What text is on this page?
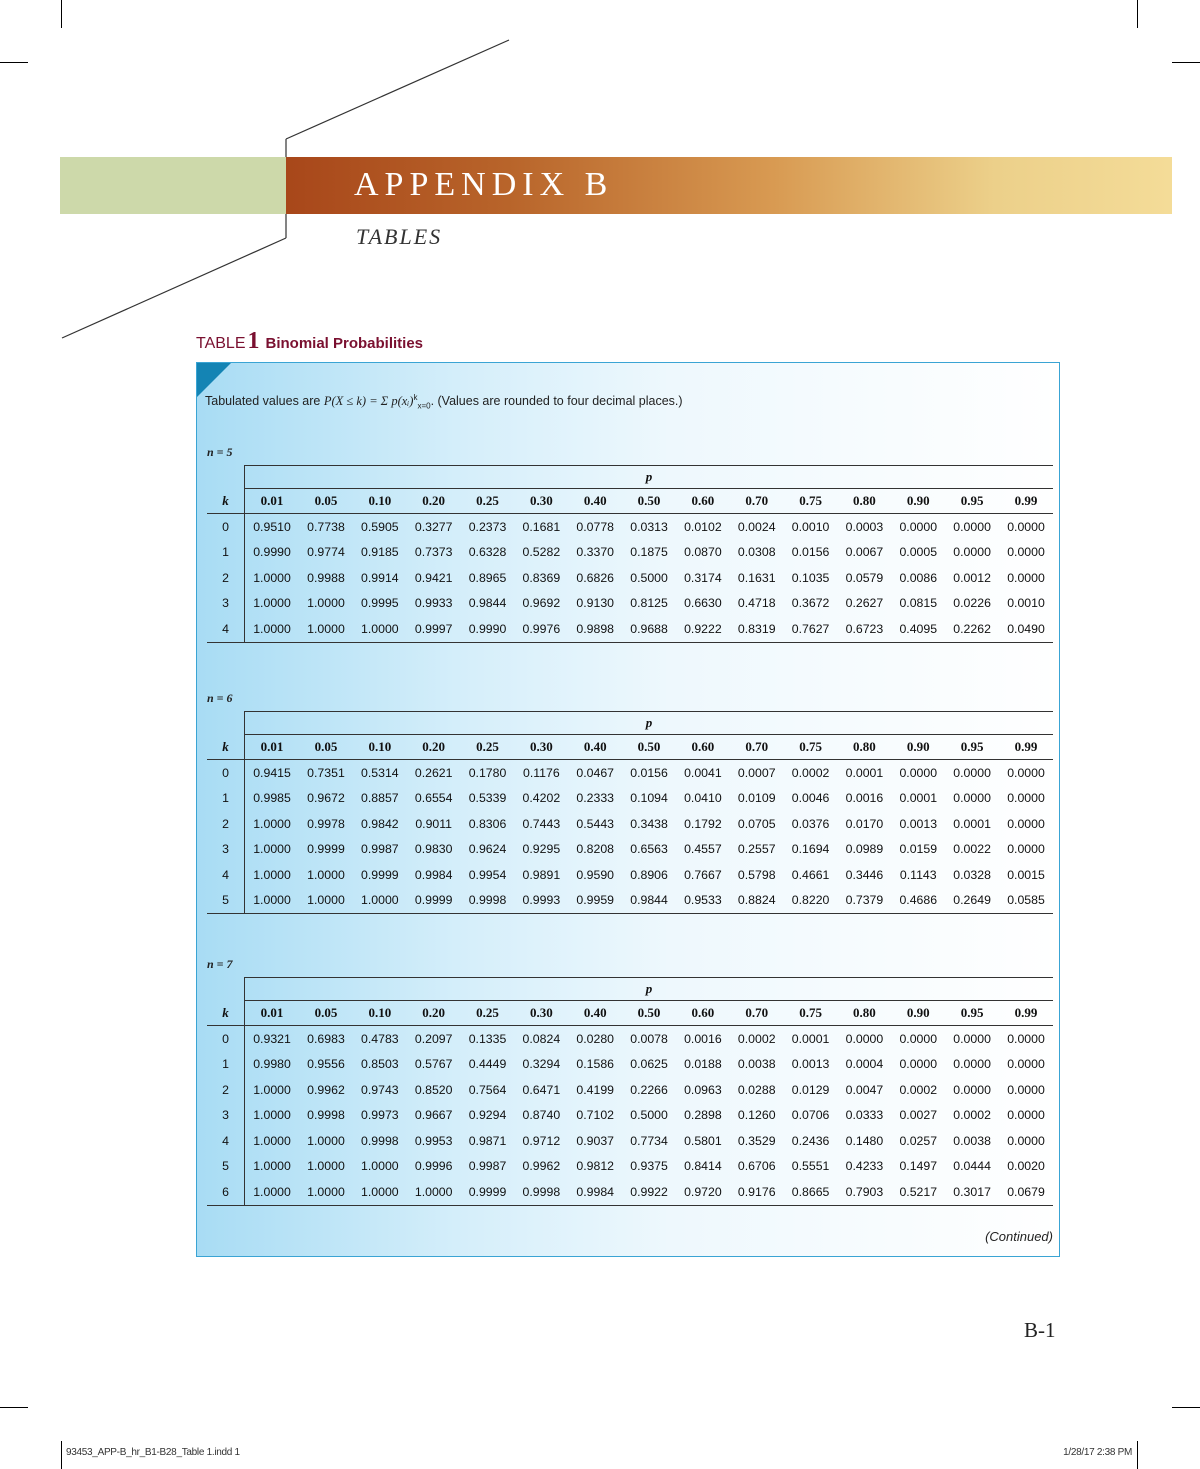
APPENDIX B
TABLES
TABLE1 Binomial Probabilities
Tabulated values are P(X ≤ k) = Σ p(xᵢ)$^k_{x=0}$. (Values are rounded to four decimal places.)
n = 5
	p														
k	0.01	0.05	0.10	0.20	0.25	0.30	0.40	0.50	0.60	0.70	0.75	0.80	0.90	0.95	0.99
0	0.9510	0.7738	0.5905	0.3277	0.2373	0.1681	0.0778	0.0313	0.0102	0.0024	0.0010	0.0003	0.0000	0.0000	0.0000
1	0.9990	0.9774	0.9185	0.7373	0.6328	0.5282	0.3370	0.1875	0.0870	0.0308	0.0156	0.0067	0.0005	0.0000	0.0000
2	1.0000	0.9988	0.9914	0.9421	0.8965	0.8369	0.6826	0.5000	0.3174	0.1631	0.1035	0.0579	0.0086	0.0012	0.0000
3	1.0000	1.0000	0.9995	0.9933	0.9844	0.9692	0.9130	0.8125	0.6630	0.4718	0.3672	0.2627	0.0815	0.0226	0.0010
4	1.0000	1.0000	1.0000	0.9997	0.9990	0.9976	0.9898	0.9688	0.9222	0.8319	0.7627	0.6723	0.4095	0.2262	0.0490
n = 6
	p														
k	0.01	0.05	0.10	0.20	0.25	0.30	0.40	0.50	0.60	0.70	0.75	0.80	0.90	0.95	0.99
0	0.9415	0.7351	0.5314	0.2621	0.1780	0.1176	0.0467	0.0156	0.0041	0.0007	0.0002	0.0001	0.0000	0.0000	0.0000
1	0.9985	0.9672	0.8857	0.6554	0.5339	0.4202	0.2333	0.1094	0.0410	0.0109	0.0046	0.0016	0.0001	0.0000	0.0000
2	1.0000	0.9978	0.9842	0.9011	0.8306	0.7443	0.5443	0.3438	0.1792	0.0705	0.0376	0.0170	0.0013	0.0001	0.0000
3	1.0000	0.9999	0.9987	0.9830	0.9624	0.9295	0.8208	0.6563	0.4557	0.2557	0.1694	0.0989	0.0159	0.0022	0.0000
4	1.0000	1.0000	0.9999	0.9984	0.9954	0.9891	0.9590	0.8906	0.7667	0.5798	0.4661	0.3446	0.1143	0.0328	0.0015
5	1.0000	1.0000	1.0000	0.9999	0.9998	0.9993	0.9959	0.9844	0.9533	0.8824	0.8220	0.7379	0.4686	0.2649	0.0585
n = 7
	p														
k	0.01	0.05	0.10	0.20	0.25	0.30	0.40	0.50	0.60	0.70	0.75	0.80	0.90	0.95	0.99
0	0.9321	0.6983	0.4783	0.2097	0.1335	0.0824	0.0280	0.0078	0.0016	0.0002	0.0001	0.0000	0.0000	0.0000	0.0000
1	0.9980	0.9556	0.8503	0.5767	0.4449	0.3294	0.1586	0.0625	0.0188	0.0038	0.0013	0.0004	0.0000	0.0000	0.0000
2	1.0000	0.9962	0.9743	0.8520	0.7564	0.6471	0.4199	0.2266	0.0963	0.0288	0.0129	0.0047	0.0002	0.0000	0.0000
3	1.0000	0.9998	0.9973	0.9667	0.9294	0.8740	0.7102	0.5000	0.2898	0.1260	0.0706	0.0333	0.0027	0.0002	0.0000
4	1.0000	1.0000	0.9998	0.9953	0.9871	0.9712	0.9037	0.7734	0.5801	0.3529	0.2436	0.1480	0.0257	0.0038	0.0000
5	1.0000	1.0000	1.0000	0.9996	0.9987	0.9962	0.9812	0.9375	0.8414	0.6706	0.5551	0.4233	0.1497	0.0444	0.0020
6	1.0000	1.0000	1.0000	1.0000	0.9999	0.9998	0.9984	0.9922	0.9720	0.9176	0.8665	0.7903	0.5217	0.3017	0.0679
(Continued)
B-1
93453_APP-B_hr_B1-B28_Table 1.indd 1	1/28/17 2:38 PM
